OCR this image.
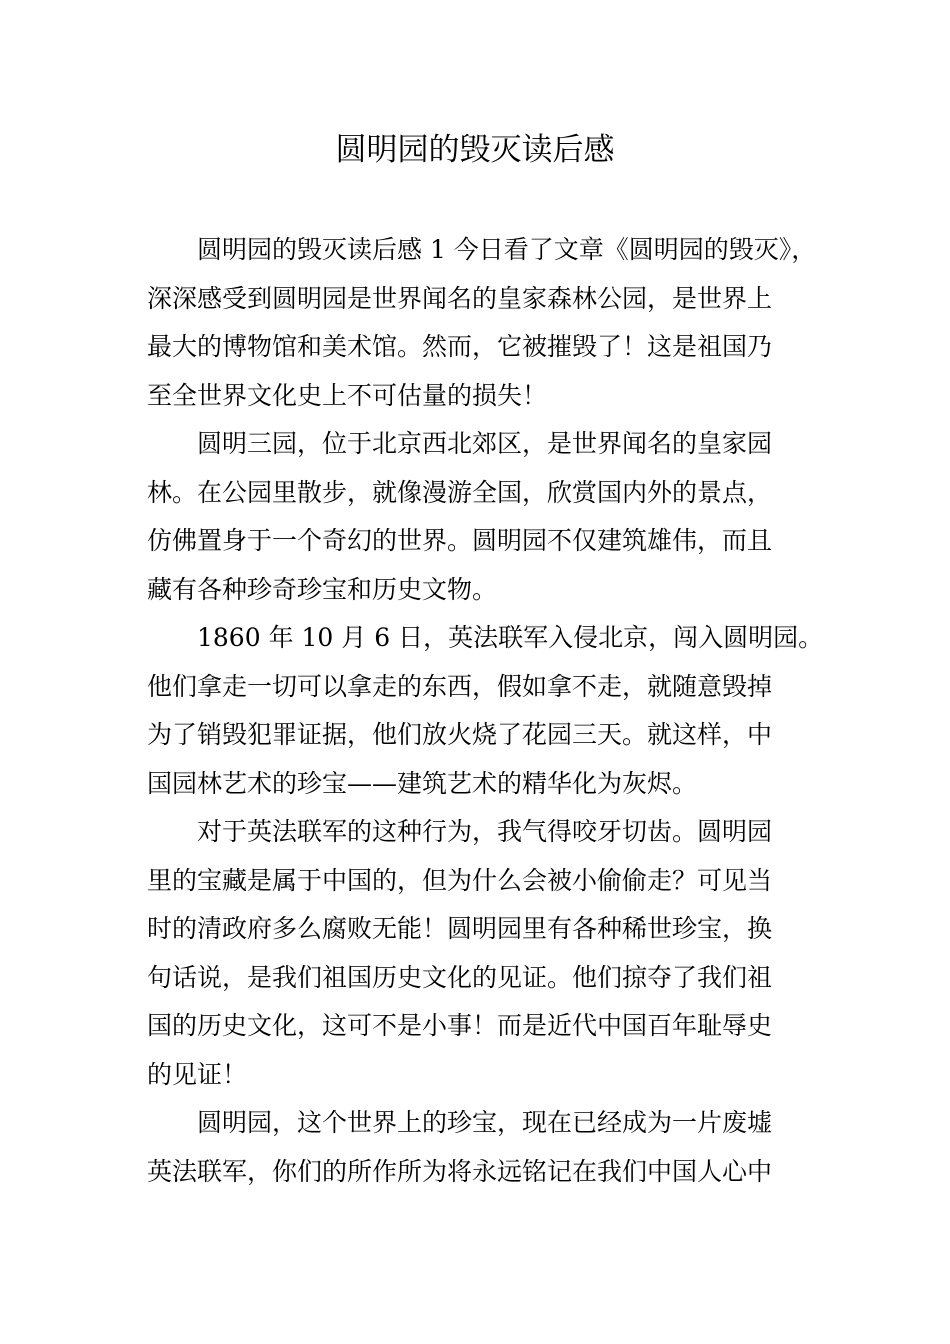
圆明园的毁灭读后感
圆明园的毁灭读后感 1 今日看了文章《圆明园的毁灭》，
深深感受到圆明园是世界闻名的皇家森林公园，是世界上
最大的博物馆和美术馆。然而，它被摧毁了！这是祖国乃
至全世界文化史上不可估量的损失！
圆明三园，位于北京西北郊区，是世界闻名的皇家园
林。在公园里散步，就像漫游全国，欣赏国内外的景点，
仿佛置身于一个奇幻的世界。圆明园不仅建筑雄伟，而且
藏有各种珍奇珍宝和历史文物。
1860 年 10 月 6 日，英法联军入侵北京，闯入圆明园。
他们拿走一切可以拿走的东西，假如拿不走，就随意毁掉
为了销毁犯罪证据，他们放火烧了花园三天。就这样，中
国园林艺术的珍宝——建筑艺术的精华化为灰烬。
对于英法联军的这种行为，我气得咬牙切齿。圆明园
里的宝藏是属于中国的，但为什么会被小偷偷走？可见当
时的清政府多么腐败无能！圆明园里有各种稀世珍宝，换
句话说，是我们祖国历史文化的见证。他们掠夺了我们祖
国的历史文化，这可不是小事！而是近代中国百年耻辱史
的见证！
圆明园，这个世界上的珍宝，现在已经成为一片废墟
英法联军，你们的所作所为将永远铭记在我们中国人心中
